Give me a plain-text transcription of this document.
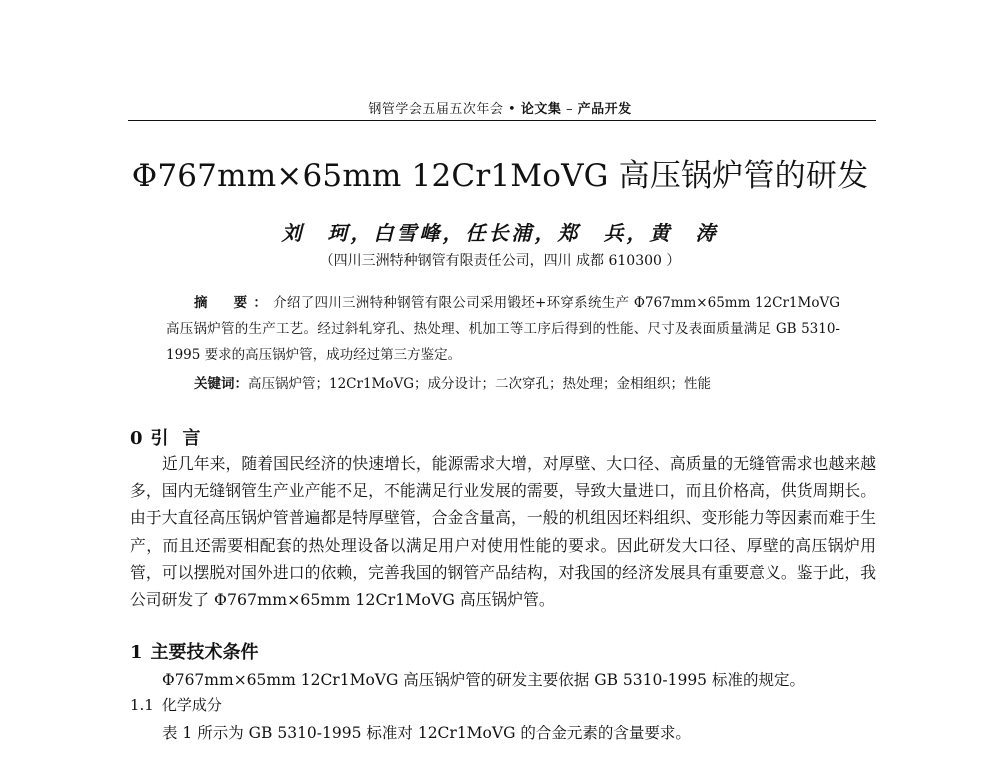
钢管学会五届五次年会 • 论文集 – 产品开发
Φ767mm×65mm 12Cr1MoVG 高压锅炉管的研发
刘　珂，白雪峰，任长浦，郑　兵，黄　涛
（四川三洲特种钢管有限责任公司，四川 成都 610300 ）
摘　要：介绍了四川三洲特种钢管有限公司采用锻坯+环穿系统生产 Φ767mm×65mm 12Cr1MoVG 高压锅炉管的生产工艺。经过斜轧穿孔、热处理、机加工等工序后得到的性能、尺寸及表面质量满足 GB 5310-1995 要求的高压锅炉管，成功经过第三方鉴定。
关键词：高压锅炉管；12Cr1MoVG；成分设计；二次穿孔；热处理；金相组织；性能
0 引言
近几年来，随着国民经济的快速增长，能源需求大增，对厚壁、大口径、高质量的无缝管需求也越来越多，国内无缝钢管生产业产能不足，不能满足行业发展的需要，导致大量进口，而且价格高，供货周期长。由于大直径高压锅炉管普遍都是特厚壁管，合金含量高，一般的机组因坯料组织、变形能力等因素而难于生产，而且还需要相配套的热处理设备以满足用户对使用性能的要求。因此研发大口径、厚壁的高压锅炉用管，可以摆脱对国外进口的依赖，完善我国的钢管产品结构，对我国的经济发展具有重要意义。鉴于此，我公司研发了 Φ767mm×65mm 12Cr1MoVG 高压锅炉管。
1 主要技术条件
Φ767mm×65mm 12Cr1MoVG 高压锅炉管的研发主要依据 GB 5310-1995 标准的规定。
1.1 化学成分
表 1 所示为 GB 5310-1995 标准对 12Cr1MoVG 的合金元素的含量要求。
